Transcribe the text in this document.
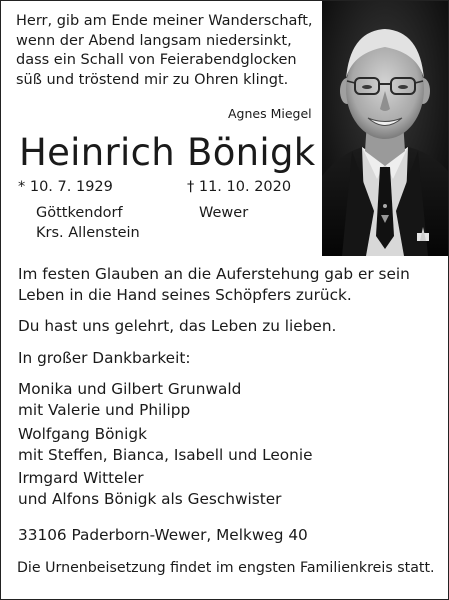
Herr, gib am Ende meiner Wanderschaft,
wenn der Abend langsam niedersinkt,
dass ein Schall von Feierabendglocken
süß und tröstend mir zu Ohren klingt.
Agnes Miegel
Heinrich Bönigk
* 10. 7. 1929	† 11. 10. 2020
Göttkendorf
Krs. Allenstein
Wewer
Im festen Glauben an die Auferstehung gab er sein
Leben in die Hand seines Schöpfers zurück.
Du hast uns gelehrt, das Leben zu lieben.
In großer Dankbarkeit:
Monika und Gilbert Grunwald
mit Valerie und Philipp
Wolfgang Bönigk
mit Steffen, Bianca, Isabell und Leonie
Irmgard Witteler
und Alfons Bönigk als Geschwister
33106 Paderborn-Wewer, Melkweg 40
Die Urnenbeisetzung findet im engsten Familienkreis statt.
